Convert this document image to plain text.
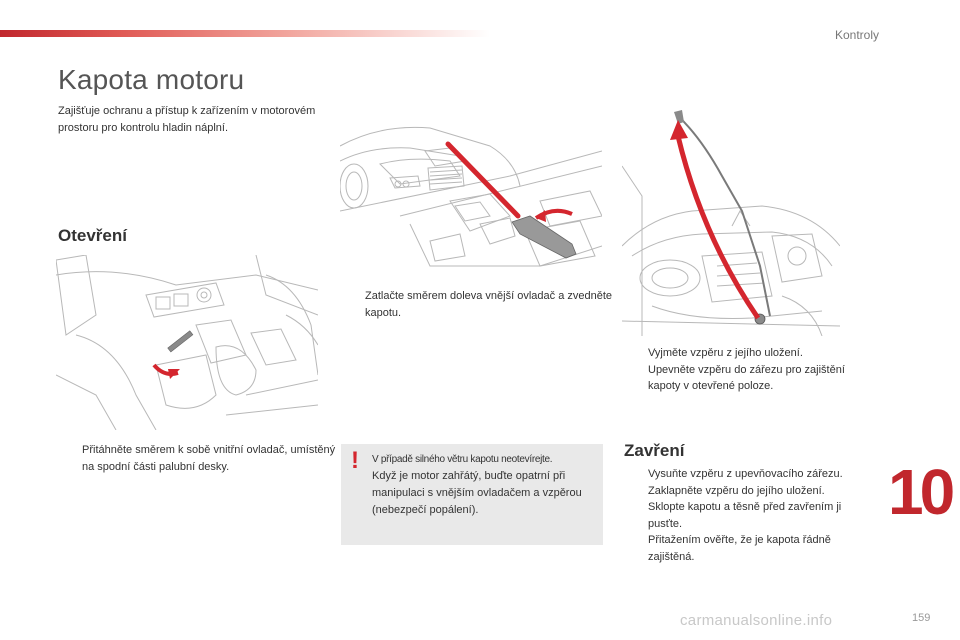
Kontroly
Kapota motoru
Zajišťuje ochranu a přístup k zařízením v motorovém prostoru pro kontrolu hladin náplní.
Otevření
Přitáhněte směrem k sobě vnitřní ovladač, umístěný na spodní části palubní desky.
Zatlačte směrem doleva vnější ovladač a zvedněte kapotu.
Vyjměte vzpěru z jejího uložení.
Upevněte vzpěru do zářezu pro zajištění kapoty v otevřené poloze.
! V případě silného větru kapotu neotevírejte.
Když je motor zahřátý, buďte opatrní při manipulaci s vnějším ovladačem a vzpěrou (nebezpečí popálení).
Zavření
Vysuňte vzpěru z upevňovacího zářezu.
Zaklapněte vzpěru do jejího uložení.
Sklopte kapotu a těsně před zavřením ji pusťte.
Přitažením ověřte, že je kapota řádně zajištěná.
10
carmanualsonline.info	159
